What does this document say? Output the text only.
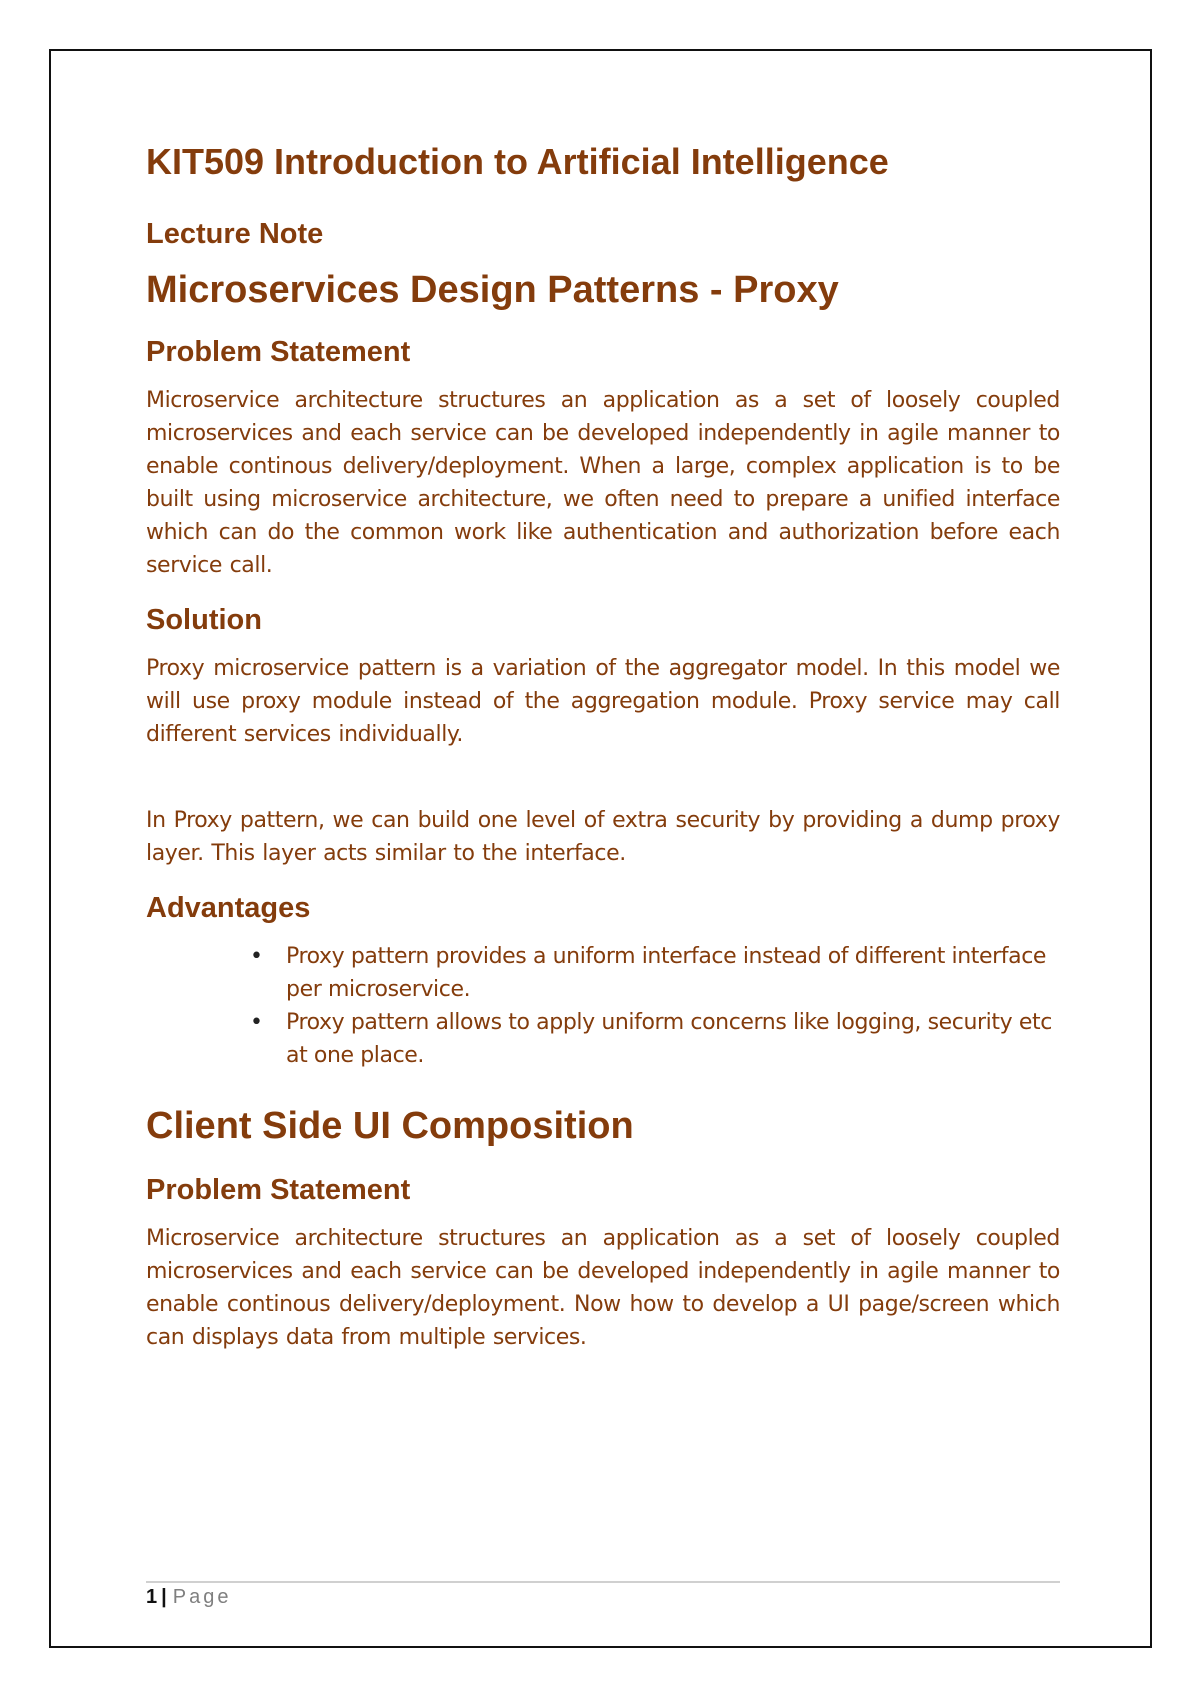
KIT509 Introduction to Artificial Intelligence
Lecture Note
Microservices Design Patterns - Proxy
Problem Statement

Microservice architecture structures an application as a set of loosely coupled microservices and each service can be developed independently in agile manner to enable continous delivery/deployment. When a large, complex application is to be built using microservice architecture, we often need to prepare a unified interface which can do the common work like authentication and authorization before each service call.

Solution

Proxy microservice pattern is a variation of the aggregator model. In this model we will use proxy module instead of the aggregation module. Proxy service may call different services individually.

In Proxy pattern, we can build one level of extra security by providing a dump proxy layer. This layer acts similar to the interface.

Advantages
• Proxy pattern provides a uniform interface instead of different interface per microservice.
• Proxy pattern allows to apply uniform concerns like logging, security etc at one place.
Client Side UI Composition
Problem Statement

Microservice architecture structures an application as a set of loosely coupled microservices and each service can be developed independently in agile manner to enable continous delivery/deployment. Now how to develop a UI page/screen which can displays data from multiple services.

1 | Page
